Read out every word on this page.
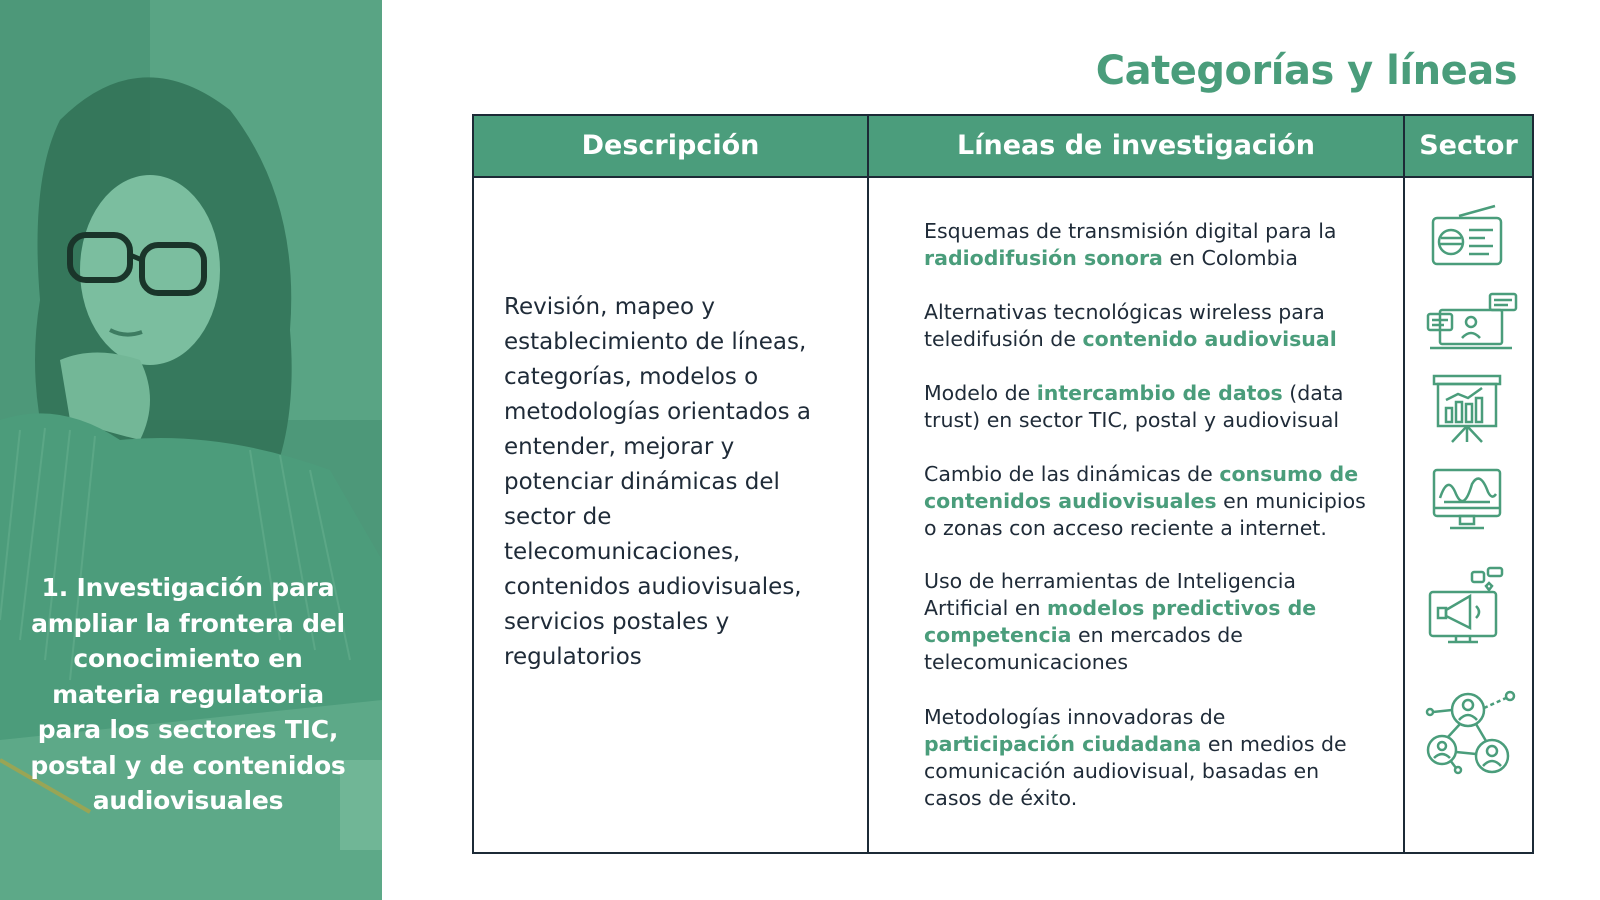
1. Investigación para ampliar la frontera del conocimiento en materia regulatoria para los sectores TIC, postal y de contenidos audiovisuales
Categorías y líneas
Descripción	Líneas de investigación	Sector

Revisión, mapeo y establecimiento de líneas, categorías, modelos o metodologías orientados a entender, mejorar y potenciar dinámicas del sector de telecomunicaciones, contenidos audiovisuales, servicios postales y regulatorios

Esquemas de transmisión digital para la radiodifusión sonora en Colombia

Alternativas tecnológicas wireless para teledifusión de contenido audiovisual

Modelo de intercambio de datos (data trust) en sector TIC, postal y audiovisual

Cambio de las dinámicas de consumo de contenidos audiovisuales en municipios o zonas con acceso reciente a internet.

Uso de herramientas de Inteligencia Artificial en modelos predictivos de competencia en mercados de telecomunicaciones

Metodologías innovadoras de participación ciudadana en medios de comunicación audiovisual, basadas en casos de éxito.
